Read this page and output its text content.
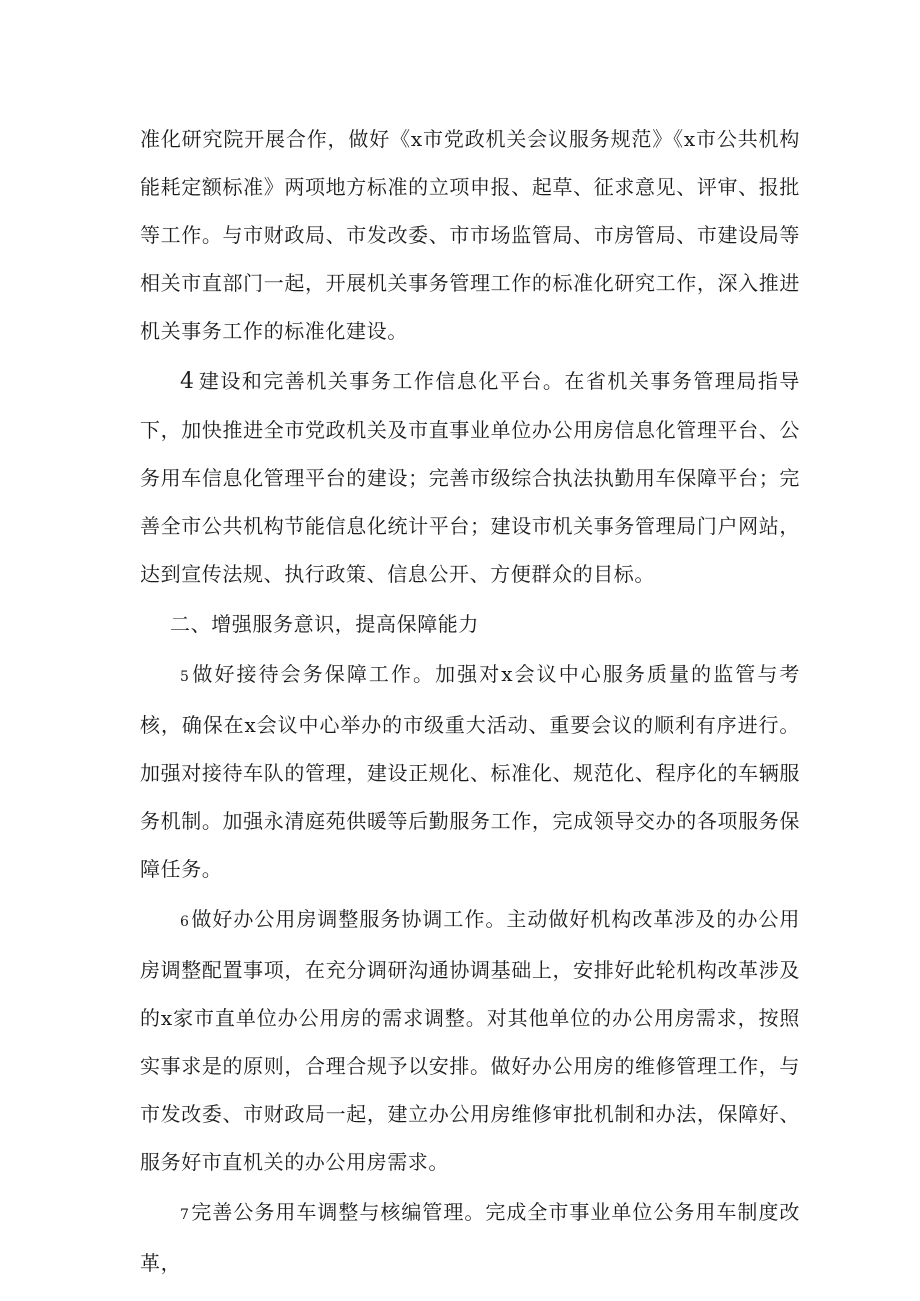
准化研究院开展合作，做好《x市党政机关会议服务规范》《x市公共机构能耗定额标准》两项地方标准的立项申报、起草、征求意见、评审、报批等工作。与市财政局、市发改委、市市场监管局、市房管局、市建设局等相关市直部门一起，开展机关事务管理工作的标准化研究工作，深入推进机关事务工作的标准化建设。

4 建设和完善机关事务工作信息化平台。在省机关事务管理局指导下，加快推进全市党政机关及市直事业单位办公用房信息化管理平台、公务用车信息化管理平台的建设；完善市级综合执法执勤用车保障平台；完善全市公共机构节能信息化统计平台；建设市机关事务管理局门户网站，达到宣传法规、执行政策、信息公开、方便群众的目标。

二、增强服务意识，提高保障能力

5 做好接待会务保障工作。加强对x会议中心服务质量的监管与考核，确保在x会议中心举办的市级重大活动、重要会议的顺利有序进行。加强对接待车队的管理，建设正规化、标准化、规范化、程序化的车辆服务机制。加强永清庭苑供暖等后勤服务工作，完成领导交办的各项服务保障任务。

6 做好办公用房调整服务协调工作。主动做好机构改革涉及的办公用房调整配置事项，在充分调研沟通协调基础上，安排好此轮机构改革涉及的x家市直单位办公用房的需求调整。对其他单位的办公用房需求，按照实事求是的原则，合理合规予以安排。做好办公用房的维修管理工作，与市发改委、市财政局一起，建立办公用房维修审批机制和办法，保障好、服务好市直机关的办公用房需求。

7 完善公务用车调整与核编管理。完成全市事业单位公务用车制度改革，
